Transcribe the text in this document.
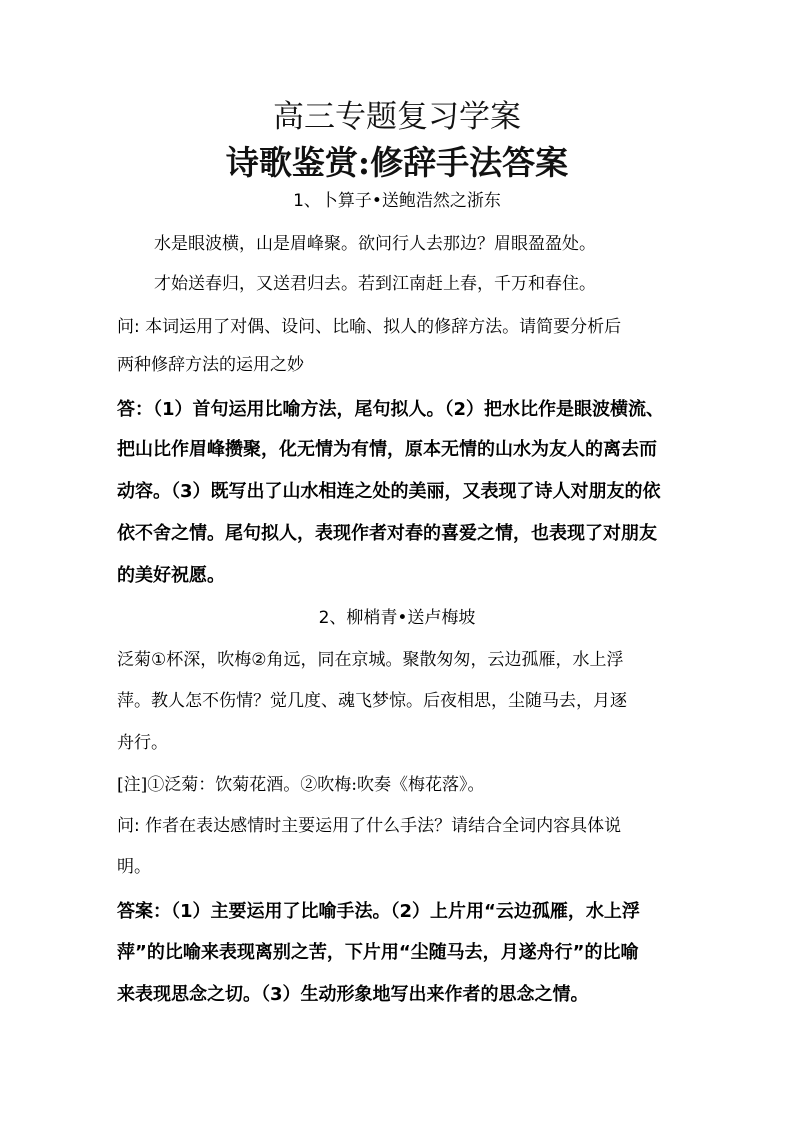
高三专题复习学案
诗歌鉴赏:修辞手法答案
1、卜算子•送鲍浩然之浙东
水是眼波横，山是眉峰聚。欲问行人去那边？眉眼盈盈处。
才始送春归，又送君归去。若到江南赶上春，千万和春住。
问: 本词运用了对偶、设问、比喻、拟人的修辞方法。请简要分析后
两种修辞方法的运用之妙
答：（1）首句运用比喻方法，尾句拟人。（2）把水比作是眼波横流、
把山比作眉峰攒聚，化无情为有情，原本无情的山水为友人的离去而
动容。（3）既写出了山水相连之处的美丽，又表现了诗人对朋友的依
依不舍之情。尾句拟人，表现作者对春的喜爱之情，也表现了对朋友
的美好祝愿。
2、柳梢青•送卢梅坡
泛菊①杯深，吹梅②角远，同在京城。聚散匆匆，云边孤雁，水上浮
萍。教人怎不伤情？觉几度、魂飞梦惊。后夜相思，尘随马去，月逐
舟行。
[注]①泛菊：饮菊花酒。②吹梅:吹奏《梅花落》。
问: 作者在表达感情时主要运用了什么手法？请结合全词内容具体说
明。
答案：（1）主要运用了比喻手法。（2）上片用“云边孤雁，水上浮
萍”的比喻来表现离别之苦，下片用“尘随马去，月遂舟行”的比喻
来表现思念之切。（3）生动形象地写出来作者的思念之情。
